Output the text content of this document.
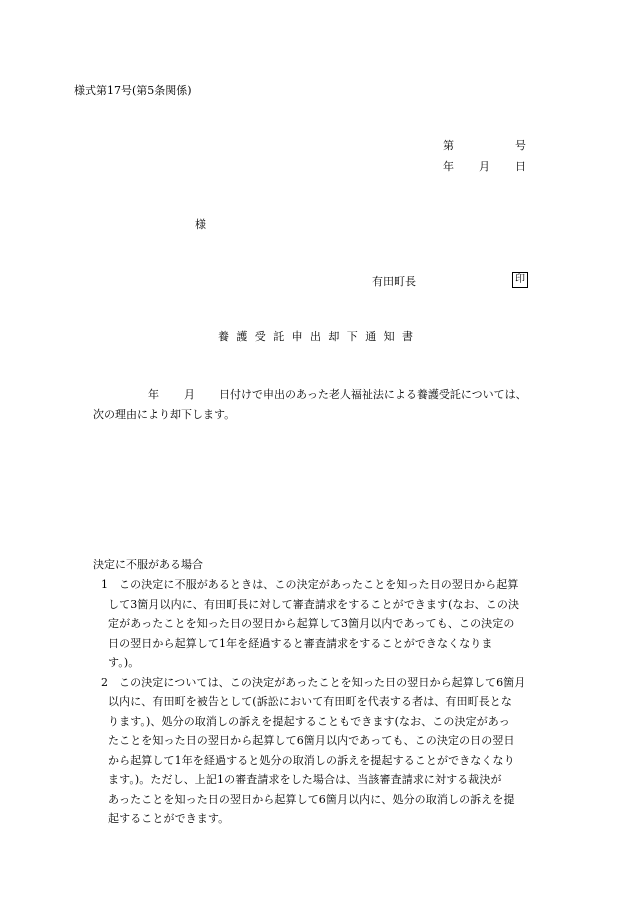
様式第17号(第5条関係)
第	号
年 月 日
様
有田町長	印
養護受託申出却下通知書
年 月 日付けで申出のあった老人福祉法による養護受託については、
次の理由により却下します。
決定に不服がある場合
1 この決定に不服があるときは、この決定があったことを知った日の翌日から起算
して3箇月以内に、有田町長に対して審査請求をすることができます(なお、この決
定があったことを知った日の翌日から起算して3箇月以内であっても、この決定の
日の翌日から起算して1年を経過すると審査請求をすることができなくなりま
す。)。
2 この決定については、この決定があったことを知った日の翌日から起算して6箇月
以内に、有田町を被告として(訴訟において有田町を代表する者は、有田町長とな
ります。)、処分の取消しの訴えを提起することもできます(なお、この決定があっ
たことを知った日の翌日から起算して6箇月以内であっても、この決定の日の翌日
から起算して1年を経過すると処分の取消しの訴えを提起することができなくなり
ます。)。ただし、上記1の審査請求をした場合は、当該審査請求に対する裁決が
あったことを知った日の翌日から起算して6箇月以内に、処分の取消しの訴えを提
起することができます。
